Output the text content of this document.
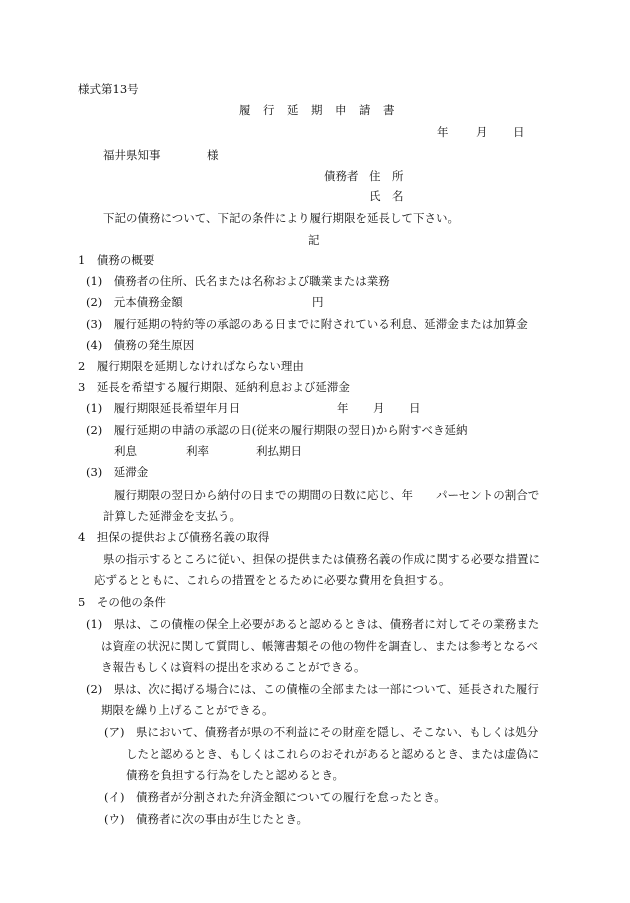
様式第13号
履　行　延　期　申　請　書
年 月 日
福井県知事	様
債務者 住　所
氏　名
下記の債務について、下記の条件により履行期限を延長して下さい。
記
1　債務の概要
(1)　債務者の住所、氏名または名称および職業または業務
(2)　元本債務金額	円
(3)　履行延期の特約等の承認のある日までに附されている利息、延滞金または加算金
(4)　債務の発生原因
2　履行期限を延期しなければならない理由
3　延長を希望する履行期限、延納利息および延滞金
(1)　履行期限延長希望年月日	年 月 日
(2)　履行延期の申請の承認の日(従来の履行期限の翌日)から附すべき延納
利息	利率	利払期日
(3)　延滞金
履行期限の翌日から納付の日までの期間の日数に応じ、年　　パーセントの割合で
計算した延滞金を支払う。
4　担保の提供および債務名義の取得
県の指示するところに従い、担保の提供または債務名義の作成に関する必要な措置に
応ずるとともに、これらの措置をとるために必要な費用を負担する。
5　その他の条件
(1)　県は、この債権の保全上必要があると認めるときは、債務者に対してその業務また
は資産の状況に関して質問し、帳簿書類その他の物件を調査し、または参考となるべ
き報告もしくは資料の提出を求めることができる。
(2)　県は、次に掲げる場合には、この債権の全部または一部について、延長された履行
期限を繰り上げることができる。
(ア)　県において、債務者が県の不利益にその財産を隠し、そこない、もしくは処分
したと認めるとき、もしくはこれらのおそれがあると認めるとき、または虚偽に
債務を負担する行為をしたと認めるとき。
(イ)　債務者が分割された弁済金額についての履行を怠ったとき。
(ウ)　債務者に次の事由が生じたとき。
